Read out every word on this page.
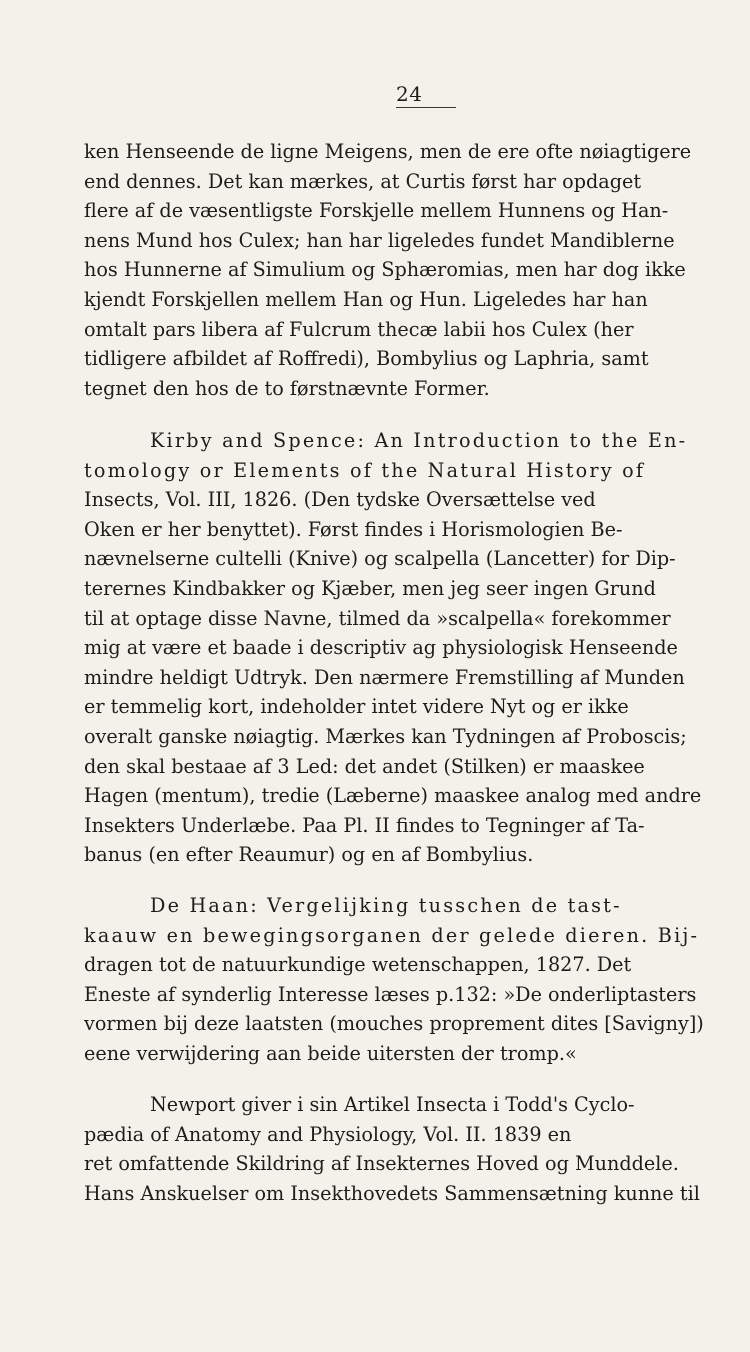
24
ken Henseende de ligne Meigens, men de ere ofte nøiagtigere
end dennes. Det kan mærkes, at Curtis først har opdaget
flere af de væsentligste Forskjelle mellem Hunnens og Han-
nens Mund hos Culex; han har ligeledes fundet Mandiblerne
hos Hunnerne af Simulium og Sphæromias, men har dog ikke
kjendt Forskjellen mellem Han og Hun. Ligeledes har han
omtalt pars libera af Fulcrum thecæ labii hos Culex (her
tidligere afbildet af Roffredi), Bombylius og Laphria, samt
tegnet den hos de to førstnævnte Former.
Kirby and Spence: An Introduction to the En-
tomology or Elements of the Natural History of
Insects, Vol. III, 1826. (Den tydske Oversættelse ved
Oken er her benyttet). Først findes i Horismologien Be-
nævnelserne cultelli (Knive) og scalpella (Lancetter) for Dip-
terernes Kindbakker og Kjæber, men jeg seer ingen Grund
til at optage disse Navne, tilmed da »scalpella« forekommer
mig at være et baade i descriptiv ag physiologisk Henseende
mindre heldigt Udtryk. Den nærmere Fremstilling af Munden
er temmelig kort, indeholder intet videre Nyt og er ikke
overalt ganske nøiagtig. Mærkes kan Tydningen af Proboscis;
den skal bestaae af 3 Led: det andet (Stilken) er maaskee
Hagen (mentum), tredie (Læberne) maaskee analog med andre
Insekters Underlæbe. Paa Pl. II findes to Tegninger af Ta-
banus (en efter Reaumur) og en af Bombylius.
De Haan: Vergelijking tusschen de tast-
kaauw en bewegingsorganen der gelede dieren. Bij-
dragen tot de natuurkundige wetenschappen, 1827. Det
Eneste af synderlig Interesse læses p.132: »De onderliptasters
vormen bij deze laatsten (mouches proprement dites [Savigny])
eene verwijdering aan beide uitersten der tromp.«
Newport giver i sin Artikel Insecta i Todd's Cyclo-
pædia of Anatomy and Physiology, Vol. II. 1839 en
ret omfattende Skildring af Insekternes Hoved og Munddele.
Hans Anskuelser om Insekthovedets Sammensætning kunne til
